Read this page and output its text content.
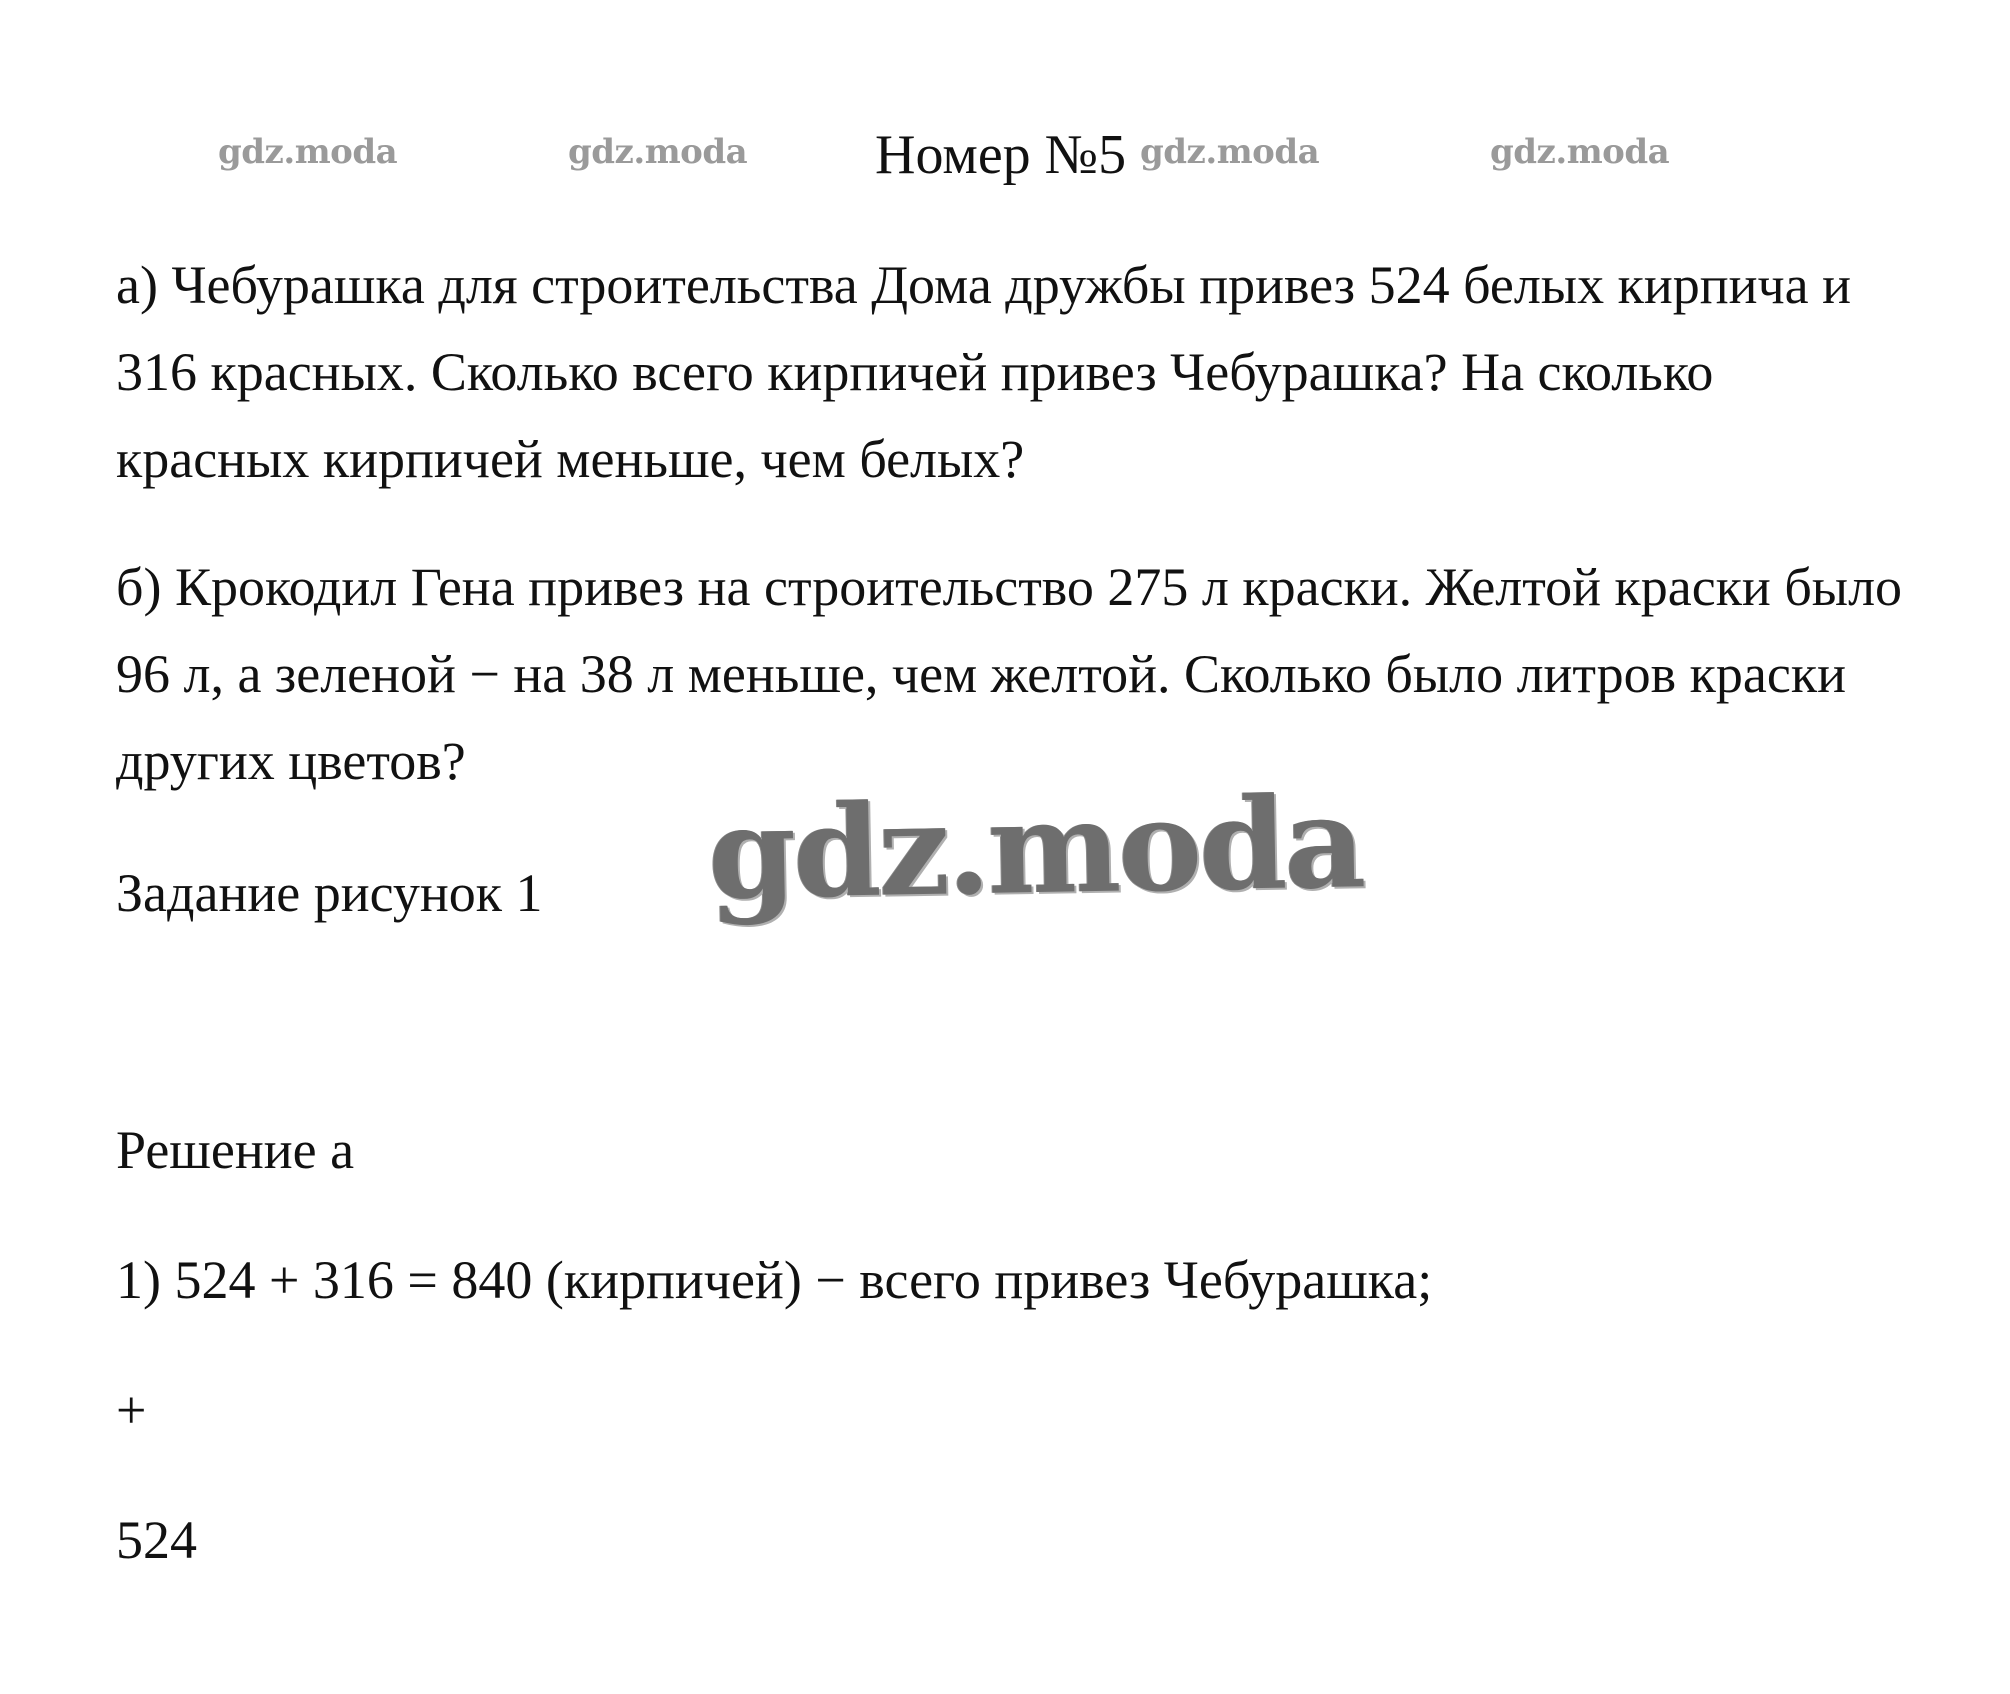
gdz.moda	gdz.moda Номер №5 gdz.moda	gdz.moda

а) Чебурашка для строительства Дома дружбы привез 524 белых кирпича и 316 красных. Сколько всего кирпичей привез Чебурашка? На сколько красных кирпичей меньше, чем белых?

б) Крокодил Гена привез на строительство 275 л краски. Желтой краски было 96 л, а зеленой − на 38 л меньше, чем желтой. Сколько было литров краски других цветов?

Задание рисунок 1 gdz.moda
Решение а
1) 524 + 316 = 840 (кирпичей) − всего привез Чебурашка;
+
524
